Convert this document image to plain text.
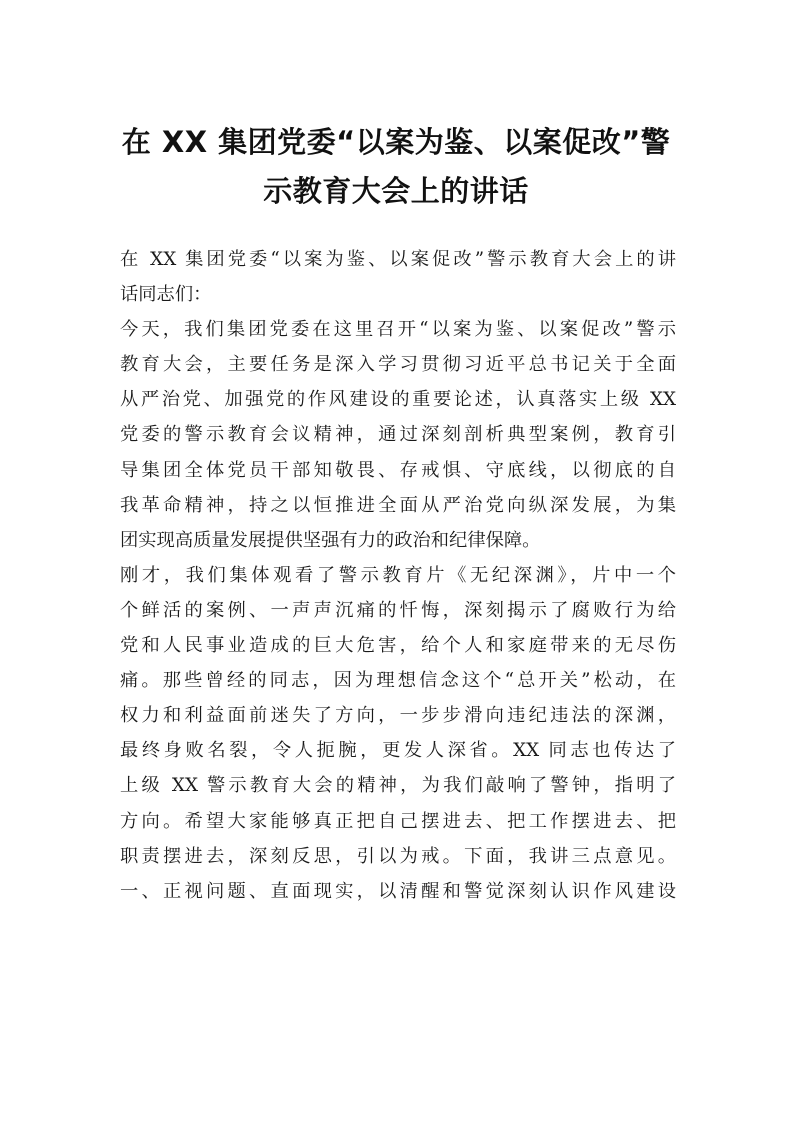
在 XX 集团党委“以案为鉴、以案促改”警
示教育大会上的讲话

在 XX 集团党委“以案为鉴、以案促改”警示教育大会上的讲
话同志们：

今天，我们集团党委在这里召开“以案为鉴、以案促改”警示
教育大会，主要任务是深入学习贯彻习近平总书记关于全面
从严治党、加强党的作风建设的重要论述，认真落实上级 XX
党委的警示教育会议精神，通过深刻剖析典型案例，教育引
导集团全体党员干部知敬畏、存戒惧、守底线，以彻底的自
我革命精神，持之以恒推进全面从严治党向纵深发展，为集
团实现高质量发展提供坚强有力的政治和纪律保障。

刚才，我们集体观看了警示教育片《无纪深渊》，片中一个
个鲜活的案例、一声声沉痛的忏悔，深刻揭示了腐败行为给
党和人民事业造成的巨大危害，给个人和家庭带来的无尽伤
痛。那些曾经的同志，因为理想信念这个“总开关”松动，在
权力和利益面前迷失了方向，一步步滑向违纪违法的深渊，
最终身败名裂，令人扼腕，更发人深省。XX 同志也传达了
上级 XX 警示教育大会的精神，为我们敲响了警钟，指明了
方向。希望大家能够真正把自己摆进去、把工作摆进去、把
职责摆进去，深刻反思，引以为戒。下面，我讲三点意见。

一、正视问题、直面现实，以清醒和警觉深刻认识作风建设
